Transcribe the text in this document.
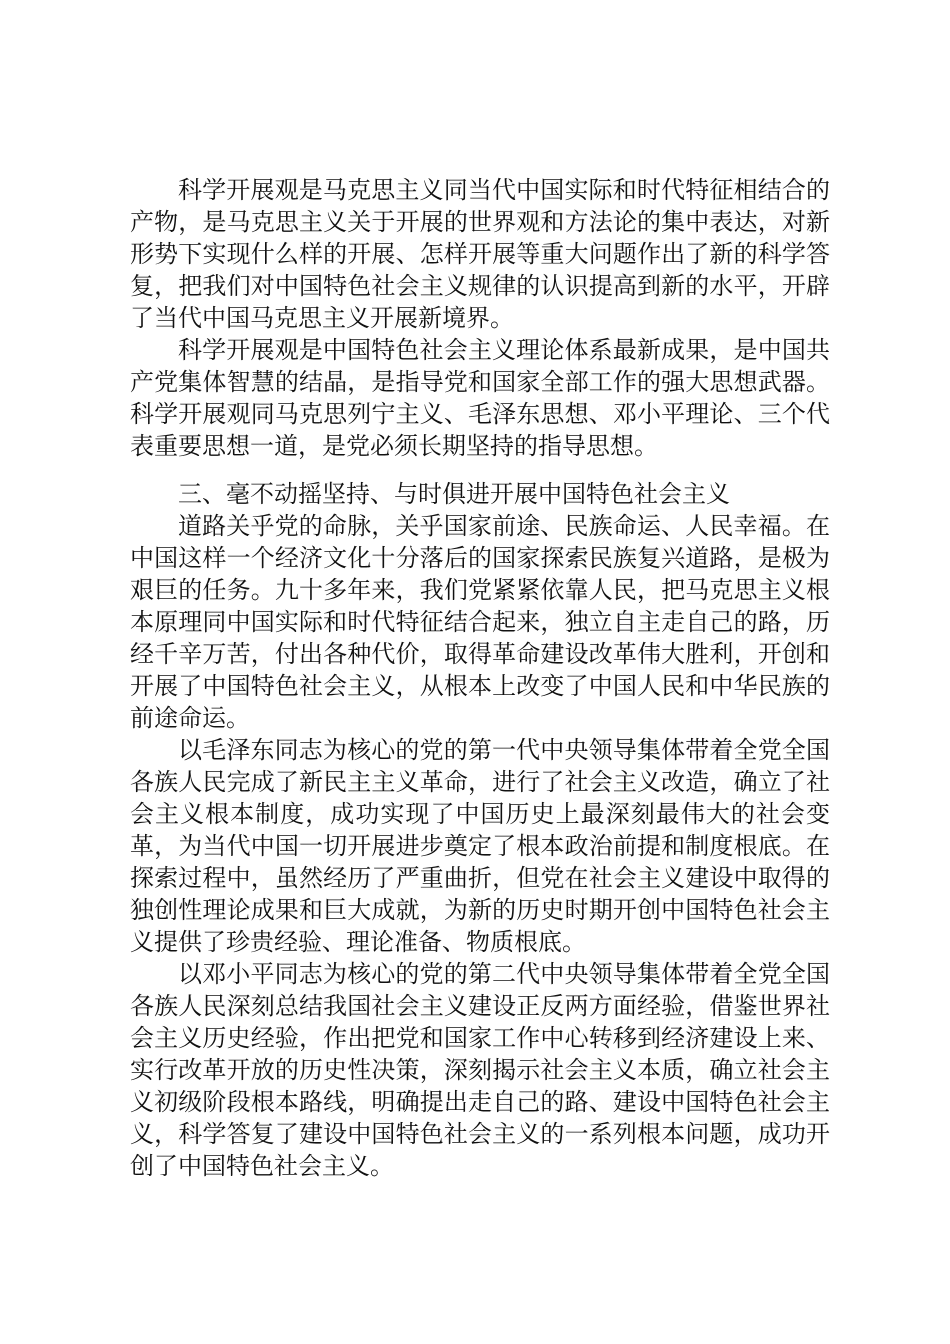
科学开展观是马克思主义同当代中国实际和时代特征相结合的产物，是马克思主义关于开展的世界观和方法论的集中表达，对新形势下实现什么样的开展、怎样开展等重大问题作出了新的科学答复，把我们对中国特色社会主义规律的认识提高到新的水平，开辟了当代中国马克思主义开展新境界。

科学开展观是中国特色社会主义理论体系最新成果，是中国共产党集体智慧的结晶，是指导党和国家全部工作的强大思想武器。科学开展观同马克思列宁主义、毛泽东思想、邓小平理论、三个代表重要思想一道，是党必须长期坚持的指导思想。

三、毫不动摇坚持、与时俱进开展中国特色社会主义

道路关乎党的命脉，关乎国家前途、民族命运、人民幸福。在中国这样一个经济文化十分落后的国家探索民族复兴道路，是极为艰巨的任务。九十多年来，我们党紧紧依靠人民，把马克思主义根本原理同中国实际和时代特征结合起来，独立自主走自己的路，历经千辛万苦，付出各种代价，取得革命建设改革伟大胜利，开创和开展了中国特色社会主义，从根本上改变了中国人民和中华民族的前途命运。

以毛泽东同志为核心的党的第一代中央领导集体带着全党全国各族人民完成了新民主主义革命，进行了社会主义改造，确立了社会主义根本制度，成功实现了中国历史上最深刻最伟大的社会变革，为当代中国一切开展进步奠定了根本政治前提和制度根底。在探索过程中，虽然经历了严重曲折，但党在社会主义建设中取得的独创性理论成果和巨大成就，为新的历史时期开创中国特色社会主义提供了珍贵经验、理论准备、物质根底。

以邓小平同志为核心的党的第二代中央领导集体带着全党全国各族人民深刻总结我国社会主义建设正反两方面经验，借鉴世界社会主义历史经验，作出把党和国家工作中心转移到经济建设上来、实行改革开放的历史性决策，深刻揭示社会主义本质，确立社会主义初级阶段根本路线，明确提出走自己的路、建设中国特色社会主义，科学答复了建设中国特色社会主义的一系列根本问题，成功开创了中国特色社会主义。
